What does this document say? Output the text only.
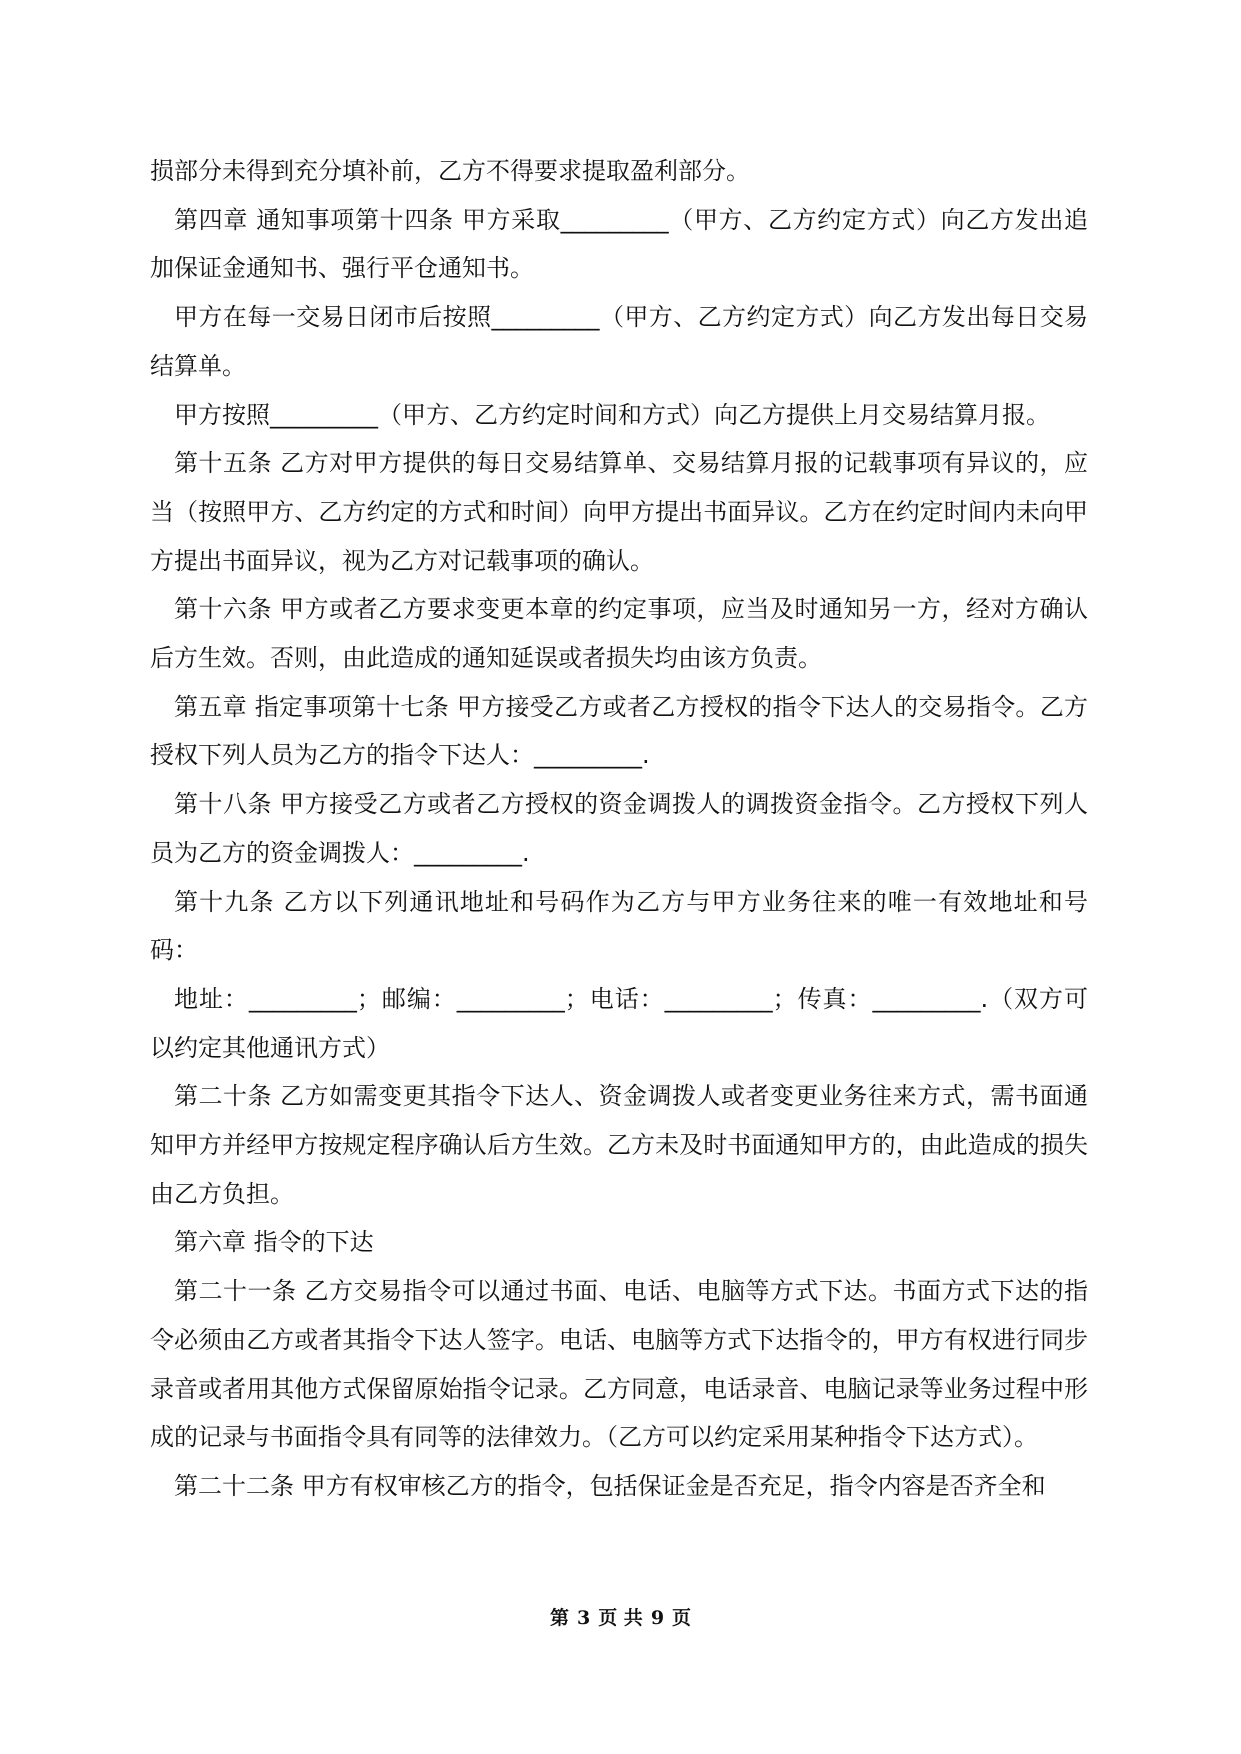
损部分未得到充分填补前，乙方不得要求提取盈利部分。

第四章 通知事项第十四条 甲方采取_________（甲方、乙方约定方式）向乙方发出追加保证金通知书、强行平仓通知书。

甲方在每一交易日闭市后按照_________（甲方、乙方约定方式）向乙方发出每日交易结算单。

甲方按照_________（甲方、乙方约定时间和方式）向乙方提供上月交易结算月报。

第十五条 乙方对甲方提供的每日交易结算单、交易结算月报的记载事项有异议的，应当（按照甲方、乙方约定的方式和时间）向甲方提出书面异议。乙方在约定时间内未向甲方提出书面异议，视为乙方对记载事项的确认。

第十六条 甲方或者乙方要求变更本章的约定事项，应当及时通知另一方，经对方确认后方生效。否则，由此造成的通知延误或者损失均由该方负责。

第五章 指定事项第十七条 甲方接受乙方或者乙方授权的指令下达人的交易指令。乙方授权下列人员为乙方的指令下达人：_________.

第十八条 甲方接受乙方或者乙方授权的资金调拨人的调拨资金指令。乙方授权下列人员为乙方的资金调拨人：_________.

第十九条 乙方以下列通讯地址和号码作为乙方与甲方业务往来的唯一有效地址和号码：

地址：_________；邮编：_________；电话：_________；传真：_________.（双方可以约定其他通讯方式）

第二十条 乙方如需变更其指令下达人、资金调拨人或者变更业务往来方式，需书面通知甲方并经甲方按规定程序确认后方生效。乙方未及时书面通知甲方的，由此造成的损失由乙方负担。

第六章 指令的下达

第二十一条 乙方交易指令可以通过书面、电话、电脑等方式下达。书面方式下达的指令必须由乙方或者其指令下达人签字。电话、电脑等方式下达指令的，甲方有权进行同步录音或者用其他方式保留原始指令记录。乙方同意，电话录音、电脑记录等业务过程中形成的记录与书面指令具有同等的法律效力。（乙方可以约定采用某种指令下达方式）。

第二十二条 甲方有权审核乙方的指令，包括保证金是否充足，指令内容是否齐全和

第 3 页 共 9 页
